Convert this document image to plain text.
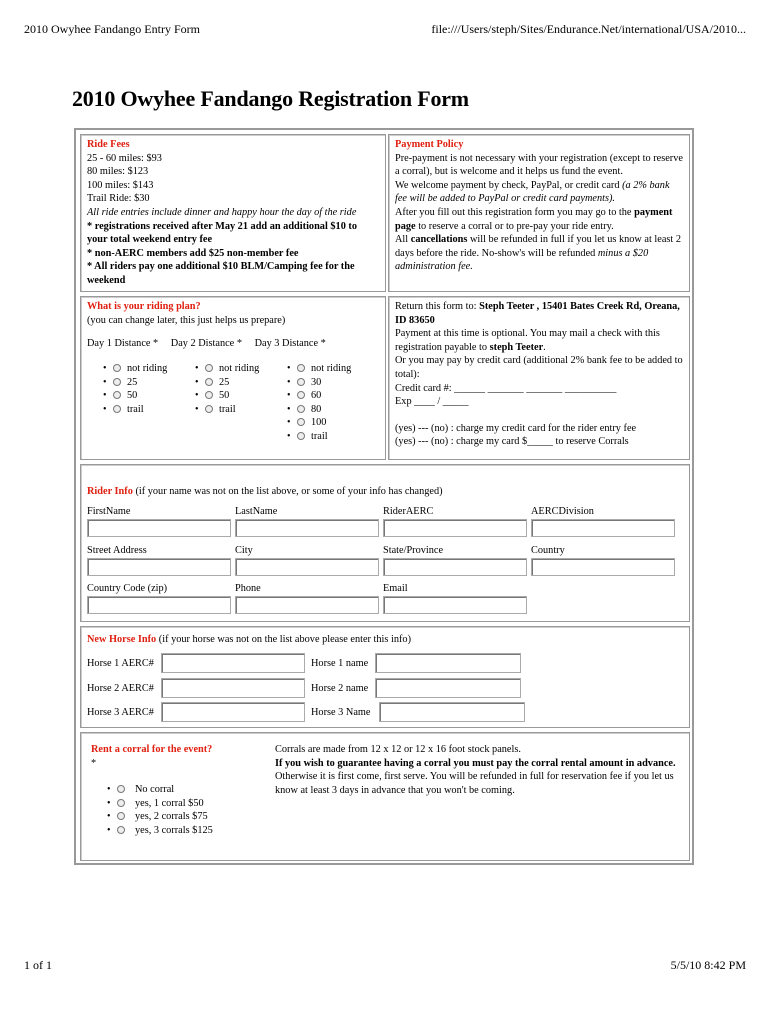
2010 Owyhee Fandango Entry Form	file:///Users/steph/Sites/Endurance.Net/international/USA/2010...
2010 Owyhee Fandango Registration Form
Ride Fees
25 - 60 miles: $93
80 miles: $123
100 miles: $143
Trail Ride: $30
All ride entries include dinner and happy hour the day of the ride
* registrations received after May 21 add an additional $10 to your total weekend entry fee
* non-AERC members add $25 non-member fee
* All riders pay one additional $10 BLM/Camping fee for the weekend
Payment Policy
Pre-payment is not necessary with your registration (except to reserve a corral), but is welcome and it helps us fund the event.
We welcome payment by check, PayPal, or credit card (a 2% bank fee will be added to PayPal or credit card payments).
After you fill out this registration form you may go to the payment page to reserve a corral or to pre-pay your ride entry.
All cancellations will be refunded in full if you let us know at least 2 days before the ride. No-show's will be refunded minus a $20 administration fee.
What is your riding plan?
(you can change later, this just helps us prepare)
Day 1 Distance * Day 2 Distance * Day 3 Distance *
• not riding
• 25
• 50
• trail
• not riding
• 25
• 50
• trail
• not riding
• 30
• 60
• 80
• 100
• trail
Return this form to: Steph Teeter , 15401 Bates Creek Rd, Oreana, ID 83650
Payment at this time is optional. You may mail a check with this registration payable to steph Teeter.
Or you may pay by credit card (additional 2% bank fee to be added to total):
Credit card #: ______ _______ _______ __________
Exp ____ / _____
(yes) --- (no) : charge my credit card for the rider entry fee
(yes) --- (no) : charge my card $_____ to reserve Corrals
Rider Info (if your name was not on the list above, or some of your info has changed)
FirstName	LastName	RiderAERC	AERCDivision
Street Address	City	State/Province	Country
Country Code (zip)	Phone	Email
New Horse Info (if your horse was not on the list above please enter this info)
Horse 1 AERC#	Horse 1 name
Horse 2 AERC#	Horse 2 name
Horse 3 AERC#	Horse 3 Name
Rent a corral for the event?
*
• No corral
• yes, 1 corral $50
• yes, 2 corrals $75
• yes, 3 corrals $125
Corrals are made from 12 x 12 or 12 x 16 foot stock panels.
If you wish to guarantee having a corral you must pay the corral rental amount in advance.
Otherwise it is first come, first serve. You will be refunded in full for reservation fee if you let us know at least 3 days in advance that you won't be coming.
1 of 1	5/5/10 8:42 PM
